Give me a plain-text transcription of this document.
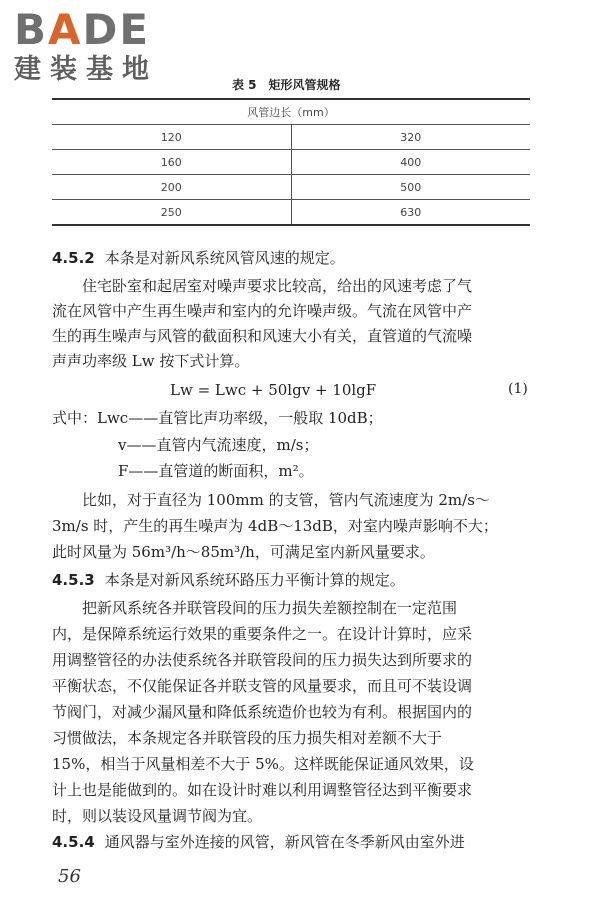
BADE
建装基地	表 5 矩形风管规格
风管边长（mm）	
120	320
160	400
200	500
250	630
4.5.2 本条是对新风系统风管风速的规定。
住宅卧室和起居室对噪声要求比较高，给出的风速考虑了气
流在风管中产生再生噪声和室内的允许噪声级。气流在风管中产
生的再生噪声与风管的截面积和风速大小有关，直管道的气流噪
声声功率级 Lw 按下式计算。
Lw = Lwc + 50lgv + 10lgF	(1)
式中：Lwc——直管比声功率级，一般取 10dB；
v——直管内气流速度，m/s；
F——直管道的断面积，m²。
比如，对于直径为 100mm 的支管，管内气流速度为 2m/s～
3m/s 时，产生的再生噪声为 4dB～13dB，对室内噪声影响不大；
此时风量为 56m³/h～85m³/h，可满足室内新风量要求。
4.5.3 本条是对新风系统环路压力平衡计算的规定。
把新风系统各并联管段间的压力损失差额控制在一定范围
内，是保障系统运行效果的重要条件之一。在设计计算时，应采
用调整管径的办法使系统各并联管段间的压力损失达到所要求的
平衡状态，不仅能保证各并联支管的风量要求，而且可不装设调
节阀门，对减少漏风量和降低系统造价也较为有利。根据国内的
习惯做法，本条规定各并联管段的压力损失相对差额不大于
15%，相当于风量相差不大于 5%。这样既能保证通风效果，设
计上也是能做到的。如在设计时难以利用调整管径达到平衡要求
时，则以装设风量调节阀为宜。
4.5.4 通风器与室外连接的风管，新风管在冬季新风由室外进
56
